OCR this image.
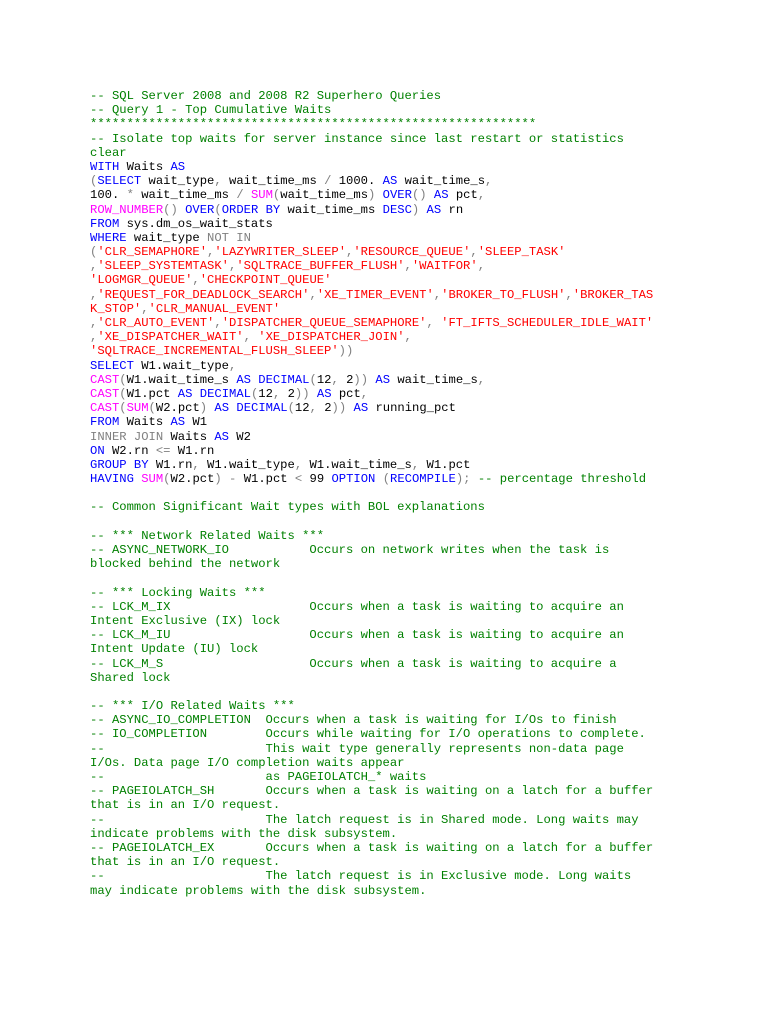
-- SQL Server 2008 and 2008 R2 Superhero Queries
-- Query 1 - Top Cumulative Waits
*************************************************************
-- Isolate top waits for server instance since last restart or statistics
clear
WITH Waits AS
(SELECT wait_type, wait_time_ms / 1000. AS wait_time_s,
100. * wait_time_ms / SUM(wait_time_ms) OVER() AS pct,
ROW_NUMBER() OVER(ORDER BY wait_time_ms DESC) AS rn
FROM sys.dm_os_wait_stats
WHERE wait_type NOT IN
('CLR_SEMAPHORE','LAZYWRITER_SLEEP','RESOURCE_QUEUE','SLEEP_TASK'
,'SLEEP_SYSTEMTASK','SQLTRACE_BUFFER_FLUSH','WAITFOR',
'LOGMGR_QUEUE','CHECKPOINT_QUEUE'
,'REQUEST_FOR_DEADLOCK_SEARCH','XE_TIMER_EVENT','BROKER_TO_FLUSH','BROKER_TAS
K_STOP','CLR_MANUAL_EVENT'
,'CLR_AUTO_EVENT','DISPATCHER_QUEUE_SEMAPHORE', 'FT_IFTS_SCHEDULER_IDLE_WAIT'
,'XE_DISPATCHER_WAIT', 'XE_DISPATCHER_JOIN',
'SQLTRACE_INCREMENTAL_FLUSH_SLEEP'))
SELECT W1.wait_type,
CAST(W1.wait_time_s AS DECIMAL(12, 2)) AS wait_time_s,
CAST(W1.pct AS DECIMAL(12, 2)) AS pct,
CAST(SUM(W2.pct) AS DECIMAL(12, 2)) AS running_pct
FROM Waits AS W1
INNER JOIN Waits AS W2
ON W2.rn <= W1.rn
GROUP BY W1.rn, W1.wait_type, W1.wait_time_s, W1.pct
HAVING SUM(W2.pct) - W1.pct < 99 OPTION (RECOMPILE); -- percentage threshold

-- Common Significant Wait types with BOL explanations

-- *** Network Related Waits ***
-- ASYNC_NETWORK_IO           Occurs on network writes when the task is
blocked behind the network

-- *** Locking Waits ***
-- LCK_M_IX                   Occurs when a task is waiting to acquire an
Intent Exclusive (IX) lock
-- LCK_M_IU                   Occurs when a task is waiting to acquire an
Intent Update (IU) lock
-- LCK_M_S                    Occurs when a task is waiting to acquire a
Shared lock

-- *** I/O Related Waits ***
-- ASYNC_IO_COMPLETION  Occurs when a task is waiting for I/Os to finish
-- IO_COMPLETION        Occurs while waiting for I/O operations to complete.
--                      This wait type generally represents non-data page
I/Os. Data page I/O completion waits appear
--                      as PAGEIOLATCH_* waits
-- PAGEIOLATCH_SH       Occurs when a task is waiting on a latch for a buffer
that is in an I/O request.
--                      The latch request is in Shared mode. Long waits may
indicate problems with the disk subsystem.
-- PAGEIOLATCH_EX       Occurs when a task is waiting on a latch for a buffer
that is in an I/O request.
--                      The latch request is in Exclusive mode. Long waits
may indicate problems with the disk subsystem.
